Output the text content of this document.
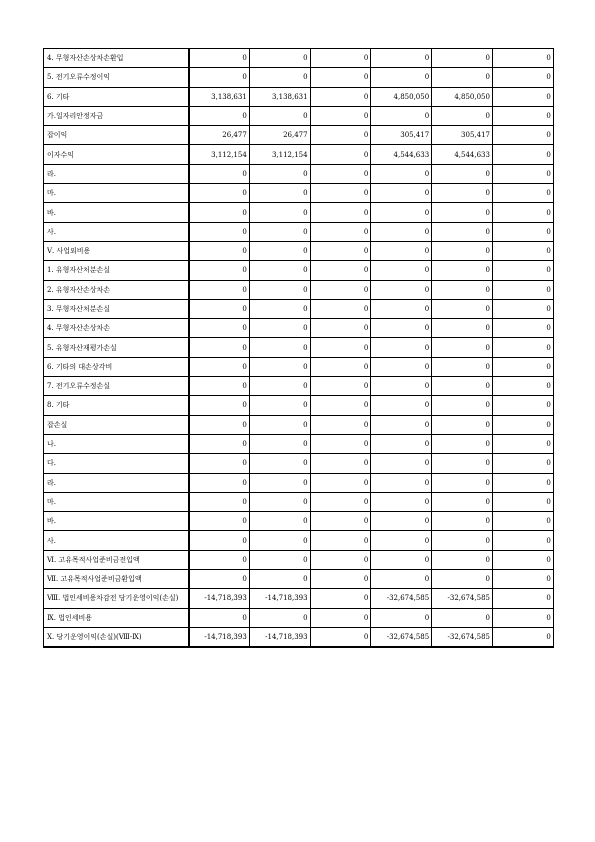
4. 무형자산손상차손환입	0	0	0	0	0	0
5. 전기오류수정이익	0	0	0	0	0	0
6. 기타	3,138,631	3,138,631	0	4,850,050	4,850,050	0
가.일자리안정자금	0	0	0	0	0	0
잡이익	26,477	26,477	0	305,417	305,417	0
이자수익	3,112,154	3,112,154	0	4,544,633	4,544,633	0
라.	0	0	0	0	0	0
마.	0	0	0	0	0	0
바.	0	0	0	0	0	0
사.	0	0	0	0	0	0
Ⅴ. 사업외비용	0	0	0	0	0	0
1. 유형자산처분손실	0	0	0	0	0	0
2. 유형자산손상차손	0	0	0	0	0	0
3. 무형자산처분손실	0	0	0	0	0	0
4. 무형자산손상차손	0	0	0	0	0	0
5. 유형자산재평가손실	0	0	0	0	0	0
6. 기타의 대손상각비	0	0	0	0	0	0
7. 전기오류수정손실	0	0	0	0	0	0
8. 기타	0	0	0	0	0	0
잡손실	0	0	0	0	0	0
나.	0	0	0	0	0	0
다.	0	0	0	0	0	0
라.	0	0	0	0	0	0
마.	0	0	0	0	0	0
바.	0	0	0	0	0	0
사.	0	0	0	0	0	0
Ⅵ. 고유목적사업준비금전입액	0	0	0	0	0	0
Ⅶ. 고유목적사업준비금환입액	0	0	0	0	0	0
Ⅷ. 법인세비용차감전 당기운영이익(손실)	-14,718,393	-14,718,393	0	-32,674,585	-32,674,585	0
Ⅸ. 법인세비용	0	0	0	0	0	0
Ⅹ. 당기운영이익(손실)(Ⅷ-Ⅸ)	-14,718,393	-14,718,393	0	-32,674,585	-32,674,585	0
